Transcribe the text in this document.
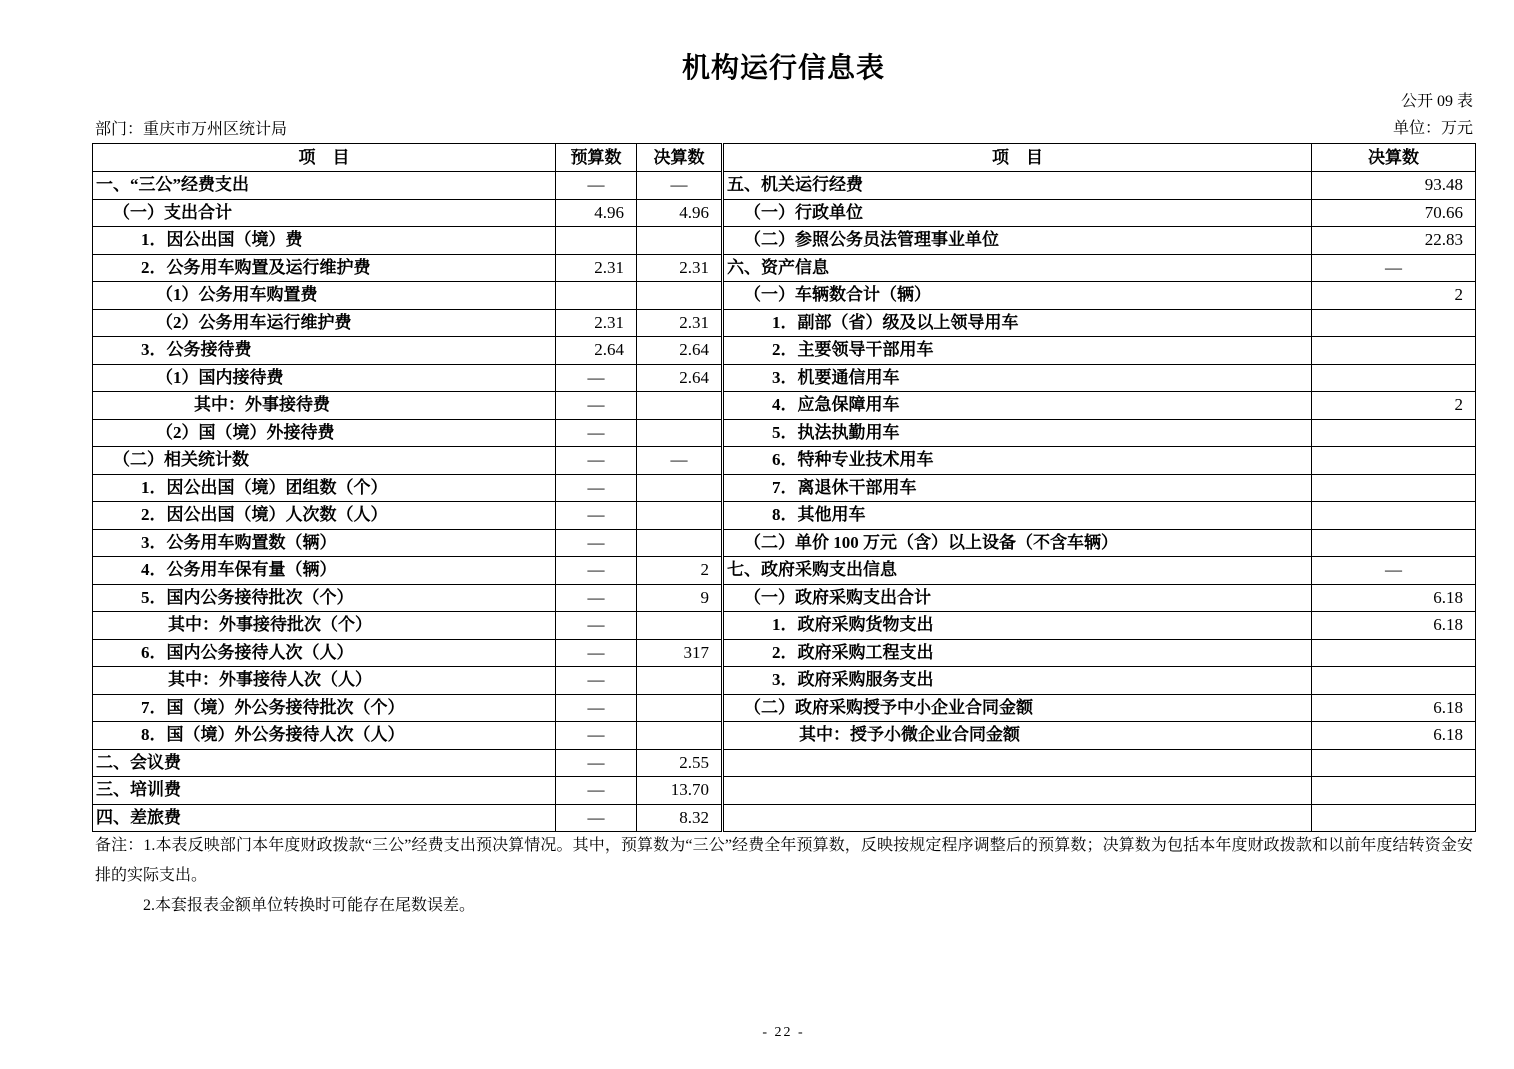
机构运行信息表
公开 09 表
部门：重庆市万州区统计局	单位：万元
项　目	预算数	决算数	项　目	决算数
一、“三公”经费支出	—	—	五、机关运行经费	93.48
（一）支出合计	4.96	4.96	（一）行政单位	70.66
1．因公出国（境）费			（二）参照公务员法管理事业单位	22.83
2．公务用车购置及运行维护费	2.31	2.31	六、资产信息	—
（1）公务用车购置费			（一）车辆数合计（辆）	2
（2）公务用车运行维护费	2.31	2.31	1．副部（省）级及以上领导用车	
3．公务接待费	2.64	2.64	2．主要领导干部用车	
（1）国内接待费	—	2.64	3．机要通信用车	
其中：外事接待费	—		4．应急保障用车	2
（2）国（境）外接待费	—		5．执法执勤用车	
（二）相关统计数	—	—	6．特种专业技术用车	
1．因公出国（境）团组数（个）	—		7．离退休干部用车	
2．因公出国（境）人次数（人）	—		8．其他用车	
3．公务用车购置数（辆）	—		（二）单价 100 万元（含）以上设备（不含车辆）	
4．公务用车保有量（辆）	—	2	七、政府采购支出信息	—
5．国内公务接待批次（个）	—	9	（一）政府采购支出合计	6.18
其中：外事接待批次（个）	—		1．政府采购货物支出	6.18
6．国内公务接待人次（人）	—	317	2．政府采购工程支出	
其中：外事接待人次（人）	—		3．政府采购服务支出	
7．国（境）外公务接待批次（个）	—		（二）政府采购授予中小企业合同金额	6.18
8．国（境）外公务接待人次（人）	—		其中：授予小微企业合同金额	6.18
二、会议费	—	2.55		
三、培训费	—	13.70		
四、差旅费	—	8.32		

备注：1.本表反映部门本年度财政拨款“三公”经费支出预决算情况。其中，预算数为“三公”经费全年预算数，反映按规定程序调整后的预算数；决算数为包括本年度财政拨款和以前年度结转资金安排的实际支出。

2.本套报表金额单位转换时可能存在尾数误差。

- 22 -
